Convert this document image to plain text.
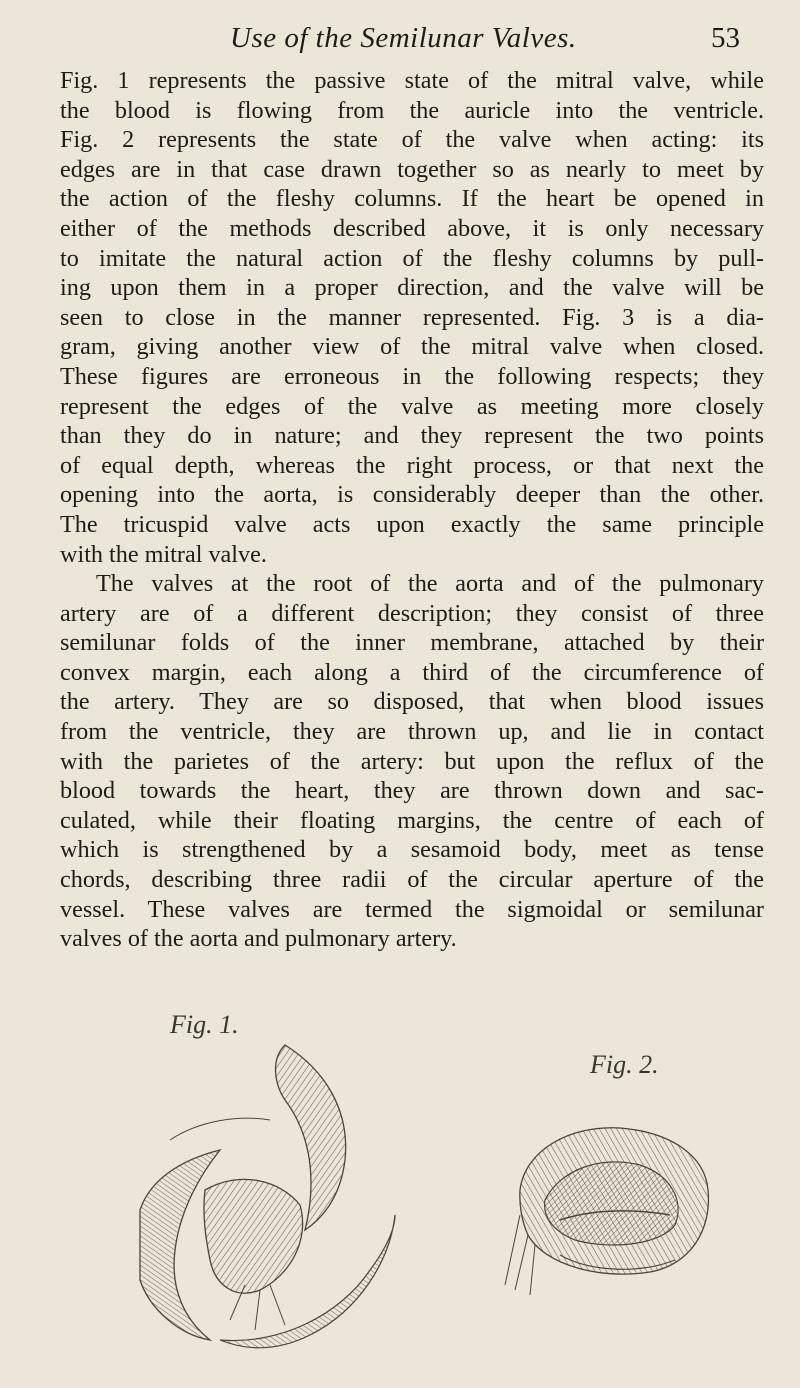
Use of the Semilunar Valves.	53
Fig. 1 represents the passive state of the mitral valve, while
the blood is flowing from the auricle into the ventricle.
Fig. 2 represents the state of the valve when acting: its
edges are in that case drawn together so as nearly to meet by
the action of the fleshy columns. If the heart be opened in
either of the methods described above, it is only necessary
to imitate the natural action of the fleshy columns by pull-
ing upon them in a proper direction, and the valve will be
seen to close in the manner represented. Fig. 3 is a dia-
gram, giving another view of the mitral valve when closed.
These figures are erroneous in the following respects; they
represent the edges of the valve as meeting more closely
than they do in nature; and they represent the two points
of equal depth, whereas the right process, or that next the
opening into the aorta, is considerably deeper than the other.
The tricuspid valve acts upon exactly the same principle
with the mitral valve.
The valves at the root of the aorta and of the pulmonary
artery are of a different description; they consist of three
semilunar folds of the inner membrane, attached by their
convex margin, each along a third of the circumference of
the artery. They are so disposed, that when blood issues
from the ventricle, they are thrown up, and lie in contact
with the parietes of the artery: but upon the reflux of the
blood towards the heart, they are thrown down and sac-
culated, while their floating margins, the centre of each of
which is strengthened by a sesamoid body, meet as tense
chords, describing three radii of the circular aperture of the
vessel. These valves are termed the sigmoidal or semilunar
valves of the aorta and pulmonary artery.
Fig. 1.
Fig. 2.
